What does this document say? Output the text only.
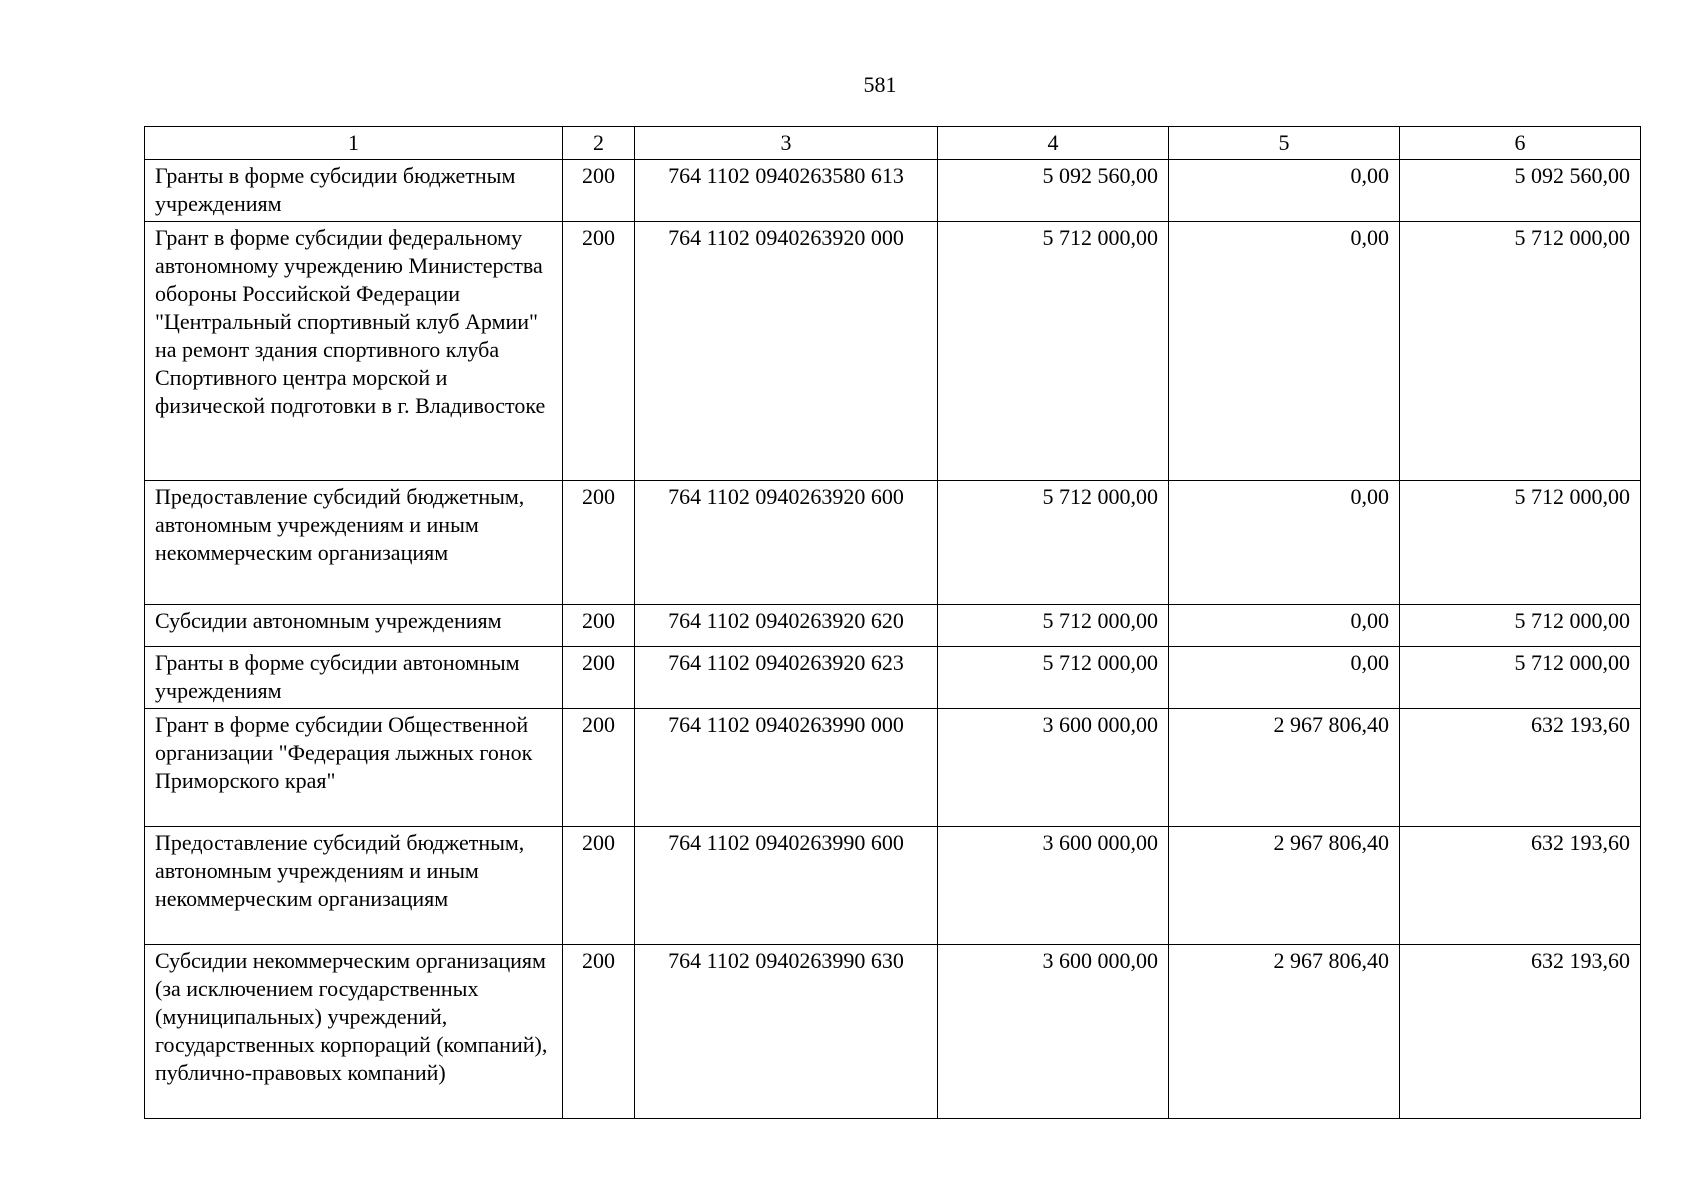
581
1	2	3	4	5	6
Гранты в форме субсидии бюджетным учреждениям	200	764 1102 0940263580 613	5 092 560,00	0,00	5 092 560,00
Грант в форме субсидии федеральному автономному учреждению Министерства обороны Российской Федерации "Центральный спортивный клуб Армии" на ремонт здания спортивного клуба Спортивного центра морской и физической подготовки в г. Владивостоке	200	764 1102 0940263920 000	5 712 000,00	0,00	5 712 000,00
Предоставление субсидий бюджетным, автономным учреждениям и иным некоммерческим организациям	200	764 1102 0940263920 600	5 712 000,00	0,00	5 712 000,00
Субсидии автономным учреждениям	200	764 1102 0940263920 620	5 712 000,00	0,00	5 712 000,00
Гранты в форме субсидии автономным учреждениям	200	764 1102 0940263920 623	5 712 000,00	0,00	5 712 000,00
Грант в форме субсидии Общественной организации "Федерация лыжных гонок Приморского края"	200	764 1102 0940263990 000	3 600 000,00	2 967 806,40	632 193,60
Предоставление субсидий бюджетным, автономным учреждениям и иным некоммерческим организациям	200	764 1102 0940263990 600	3 600 000,00	2 967 806,40	632 193,60
Субсидии некоммерческим организациям (за исключением государственных (муниципальных) учреждений, государственных корпораций (компаний), публично-правовых компаний)	200	764 1102 0940263990 630	3 600 000,00	2 967 806,40	632 193,60
